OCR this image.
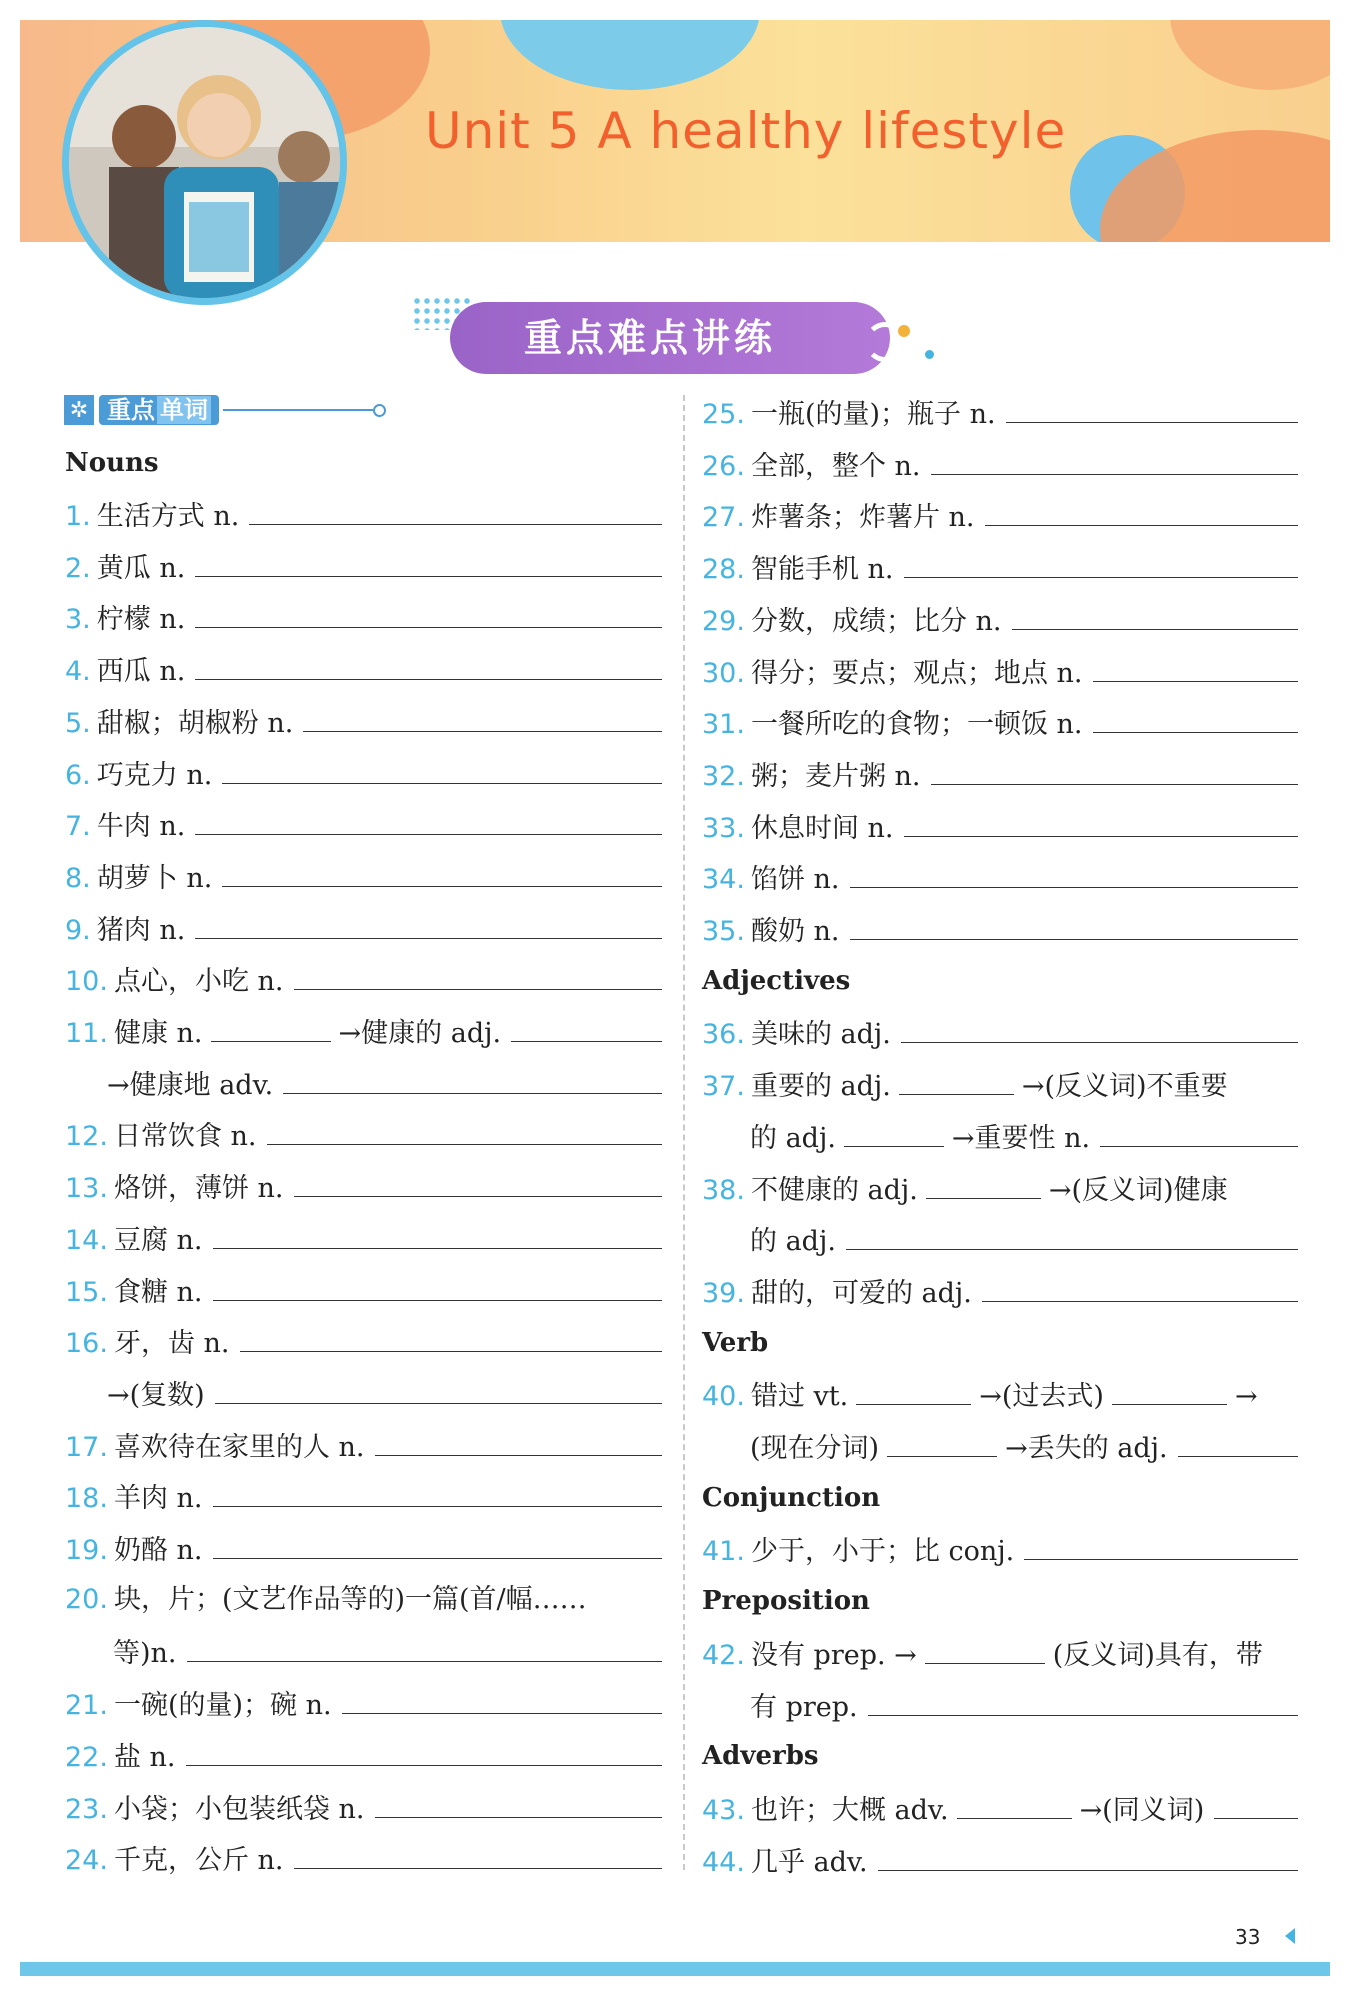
Unit 5 A healthy lifestyle
重点难点讲练
✲ 重点 单词
Nouns
33
1. 生活方式 n.
2. 黄瓜 n.
3. 柠檬 n.
4. 西瓜 n.
5. 甜椒；胡椒粉 n.
6. 巧克力 n.
7. 牛肉 n.
8. 胡萝卜 n.
9. 猪肉 n.
10. 点心，小吃 n.
11. 健康 n.	→健康的 adj.
→健康地 adv.
12. 日常饮食 n.
13. 烙饼，薄饼 n.
14. 豆腐 n.
15. 食糖 n.
16. 牙，齿 n.
→(复数)
17. 喜欢待在家里的人 n.
18. 羊肉 n.
19. 奶酪 n.
20. 块，片；(文艺作品等的)一篇(首/幅……
等)n.
21. 一碗(的量)；碗 n.
22. 盐 n.
23. 小袋；小包装纸袋 n.
24. 千克，公斤 n.
25. 一瓶(的量)；瓶子 n.
26. 全部，整个 n.
27. 炸薯条；炸薯片 n.
28. 智能手机 n.
29. 分数，成绩；比分 n.
30. 得分；要点；观点；地点 n.
31. 一餐所吃的食物；一顿饭 n.
32. 粥；麦片粥 n.
33. 休息时间 n.
34. 馅饼 n.
35. 酸奶 n.
Adjectives
36. 美味的 adj.
37. 重要的 adj.	→(反义词)不重要
的 adj.	→重要性 n.
38. 不健康的 adj.	→(反义词)健康
的 adj.
39. 甜的，可爱的 adj.
Verb
40. 错过 vt.	→(过去式)	→
(现在分词)	→丢失的 adj.
Conjunction
41. 少于，小于；比 conj.
Preposition
42. 没有 prep. →	(反义词)具有，带
有 prep.
Adverbs
43. 也许；大概 adv.	→(同义词)
44. 几乎 adv.
